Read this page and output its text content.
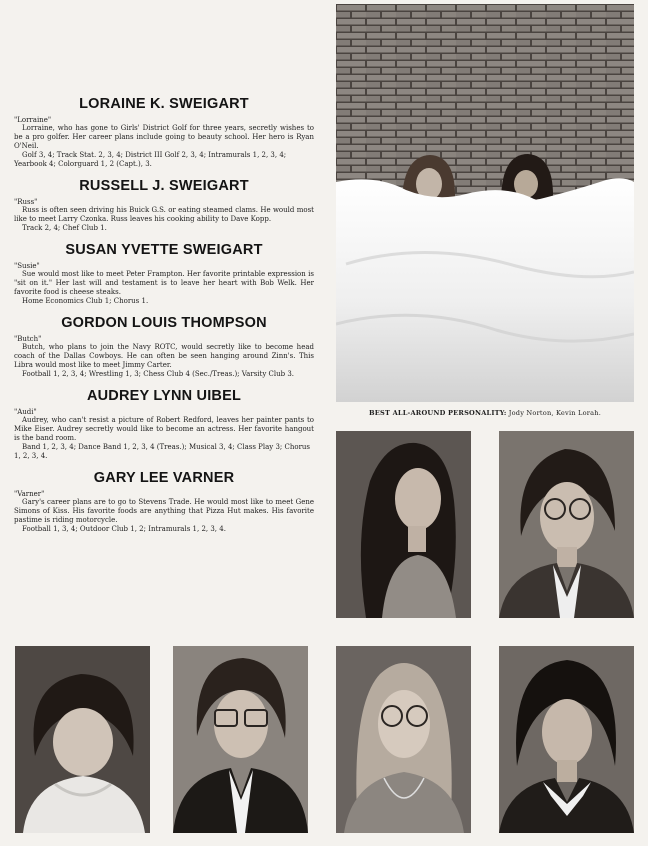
LORAINE K. SWEIGART

"Lorraine"

Lorraine, who has gone to Girls' District Golf for three years, secretly wishes to be a pro golfer. Her career plans include going to beauty school. Her hero is Ryan O'Neil.

Golf 3, 4; Track Stat. 2, 3, 4; District III Golf 2, 3, 4; Intramurals 1, 2, 3, 4; Yearbook 4; Colorguard 1, 2 (Capt.), 3.

RUSSELL J. SWEIGART

"Russ"

Russ is often seen driving his Buick G.S. or eating steamed clams. He would most like to meet Larry Czonka. Russ leaves his cooking ability to Dave Kopp.

Track 2, 4; Chef Club 1.

SUSAN YVETTE SWEIGART

"Susie"

Sue would most like to meet Peter Frampton. Her favorite printable expression is "sit on it." Her last will and testament is to leave her heart with Bob Welk. Her favorite food is cheese steaks.

Home Economics Club 1; Chorus 1.

GORDON LOUIS THOMPSON

"Butch"

Butch, who plans to join the Navy ROTC, would secretly like to become head coach of the Dallas Cowboys. He can often be seen hanging around Zinn's. This Libra would most like to meet Jimmy Carter.

Football 1, 2, 3, 4; Wrestling 1, 3; Chess Club 4 (Sec./Treas.); Varsity Club 3.

AUDREY LYNN UIBEL

"Audi"

Audrey, who can't resist a picture of Robert Redford, leaves her painter pants to Mike Eiser. Audrey secretly would like to become an actress. Her favorite hangout is the band room.

Band 1, 2, 3, 4; Dance Band 1, 2, 3, 4 (Treas.); Musical 3, 4; Class Play 3; Chorus 1, 2, 3, 4.

GARY LEE VARNER

"Varner"

Gary's career plans are to go to Stevens Trade. He would most like to meet Gene Simons of Kiss. His favorite foods are anything that Pizza Hut makes. His favorite pastime is riding motorcycle.

Football 1, 3, 4; Outdoor Club 1, 2; Intramurals 1, 2, 3, 4.

BEST ALL-AROUND PERSONALITY: Jody Norton, Kevin Lorah.
